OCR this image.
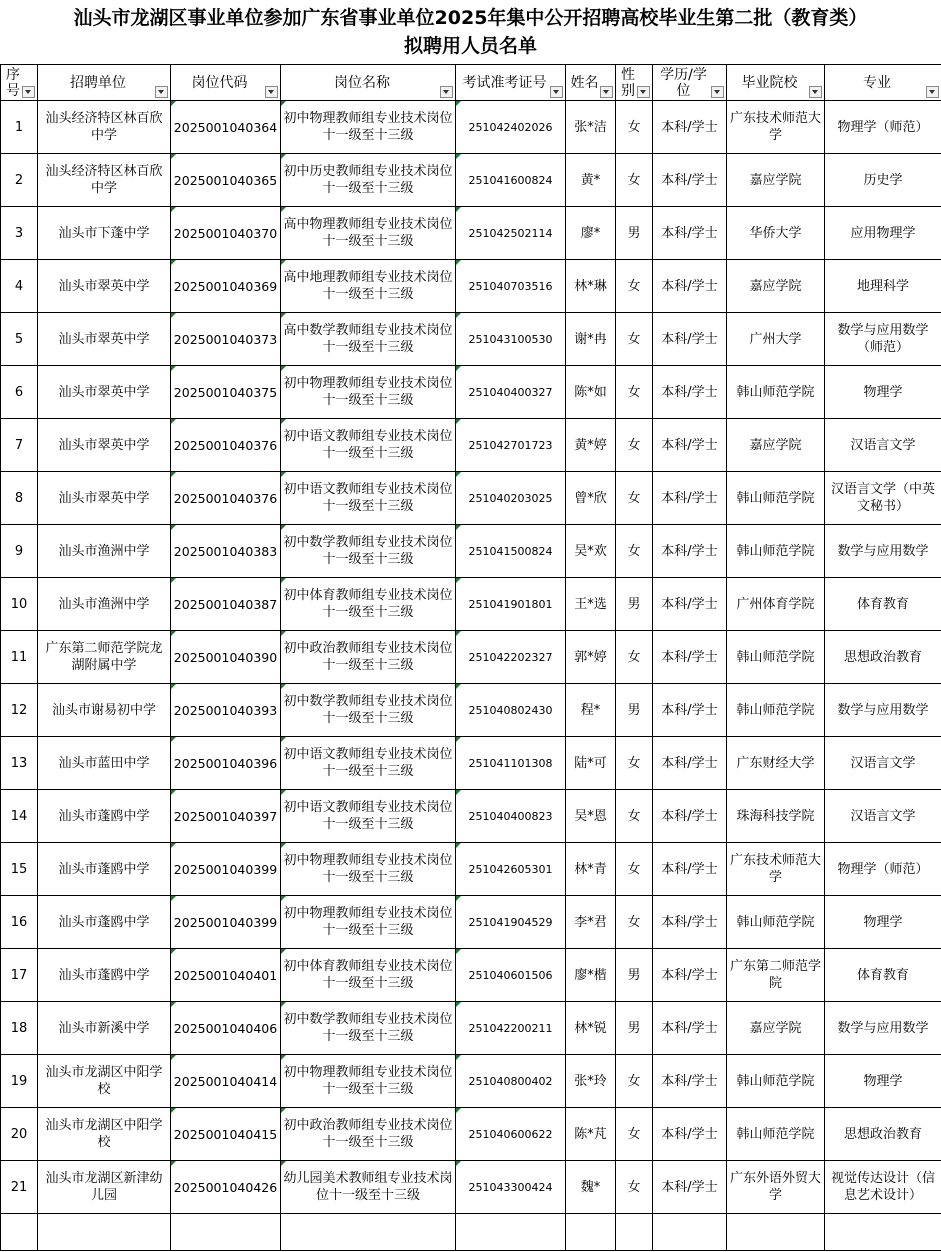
汕头市龙湖区事业单位参加广东省事业单位2025年集中公开招聘高校毕业生第二批（教育类）
拟聘用人员名单
序号	招聘单位	岗位代码	岗位名称	考试准考证号	姓名	性别	学历/学位	毕业院校	专业

1	汕头经济特区林百欣中学	2025001040364	初中物理教师组专业技术岗位十一级至十三级	251042402026	张*洁	女	本科/学士	广东技术师范大学	物理学（师范）
2	汕头经济特区林百欣中学	2025001040365	初中历史教师组专业技术岗位十一级至十三级	251041600824	黄*	女	本科/学士	嘉应学院	历史学
3	汕头市下蓬中学	2025001040370	高中物理教师组专业技术岗位十一级至十三级	251042502114	廖*	男	本科/学士	华侨大学	应用物理学
4	汕头市翠英中学	2025001040369	高中地理教师组专业技术岗位十一级至十三级	251040703516	林*琳	女	本科/学士	嘉应学院	地理科学
5	汕头市翠英中学	2025001040373	高中数学教师组专业技术岗位十一级至十三级	251043100530	谢*冉	女	本科/学士	广州大学	数学与应用数学（师范）
6	汕头市翠英中学	2025001040375	初中物理教师组专业技术岗位十一级至十三级	251040400327	陈*如	女	本科/学士	韩山师范学院	物理学
7	汕头市翠英中学	2025001040376	初中语文教师组专业技术岗位十一级至十三级	251042701723	黄*婷	女	本科/学士	嘉应学院	汉语言文学
8	汕头市翠英中学	2025001040376	初中语文教师组专业技术岗位十一级至十三级	251040203025	曾*欣	女	本科/学士	韩山师范学院	汉语言文学（中英文秘书）
9	汕头市渔洲中学	2025001040383	初中数学教师组专业技术岗位十一级至十三级	251041500824	吴*欢	女	本科/学士	韩山师范学院	数学与应用数学
10	汕头市渔洲中学	2025001040387	初中体育教师组专业技术岗位十一级至十三级	251041901801	王*选	男	本科/学士	广州体育学院	体育教育
11	广东第二师范学院龙湖附属中学	2025001040390	初中政治教师组专业技术岗位十一级至十三级	251042202327	郭*婷	女	本科/学士	韩山师范学院	思想政治教育
12	汕头市谢易初中学	2025001040393	初中数学教师组专业技术岗位十一级至十三级	251040802430	程*	男	本科/学士	韩山师范学院	数学与应用数学
13	汕头市蓝田中学	2025001040396	初中语文教师组专业技术岗位十一级至十三级	251041101308	陆*可	女	本科/学士	广东财经大学	汉语言文学
14	汕头市蓬鸥中学	2025001040397	初中语文教师组专业技术岗位十一级至十三级	251040400823	吴*恩	女	本科/学士	珠海科技学院	汉语言文学
15	汕头市蓬鸥中学	2025001040399	初中物理教师组专业技术岗位十一级至十三级	251042605301	林*青	女	本科/学士	广东技术师范大学	物理学（师范）
16	汕头市蓬鸥中学	2025001040399	初中物理教师组专业技术岗位十一级至十三级	251041904529	李*君	女	本科/学士	韩山师范学院	物理学
17	汕头市蓬鸥中学	2025001040401	初中体育教师组专业技术岗位十一级至十三级	251040601506	廖*楷	男	本科/学士	广东第二师范学院	体育教育
18	汕头市新溪中学	2025001040406	初中数学教师组专业技术岗位十一级至十三级	251042200211	林*锐	男	本科/学士	嘉应学院	数学与应用数学
19	汕头市龙湖区中阳学校	2025001040414	初中物理教师组专业技术岗位十一级至十三级	251040800402	张*玲	女	本科/学士	韩山师范学院	物理学
20	汕头市龙湖区中阳学校	2025001040415	初中政治教师组专业技术岗位十一级至十三级	251040600622	陈*芃	女	本科/学士	韩山师范学院	思想政治教育
21	汕头市龙湖区新津幼儿园	2025001040426	幼儿园美术教师组专业技术岗位十一级至十三级	251043300424	魏*	女	本科/学士	广东外语外贸大学	视觉传达设计（信息艺术设计）
